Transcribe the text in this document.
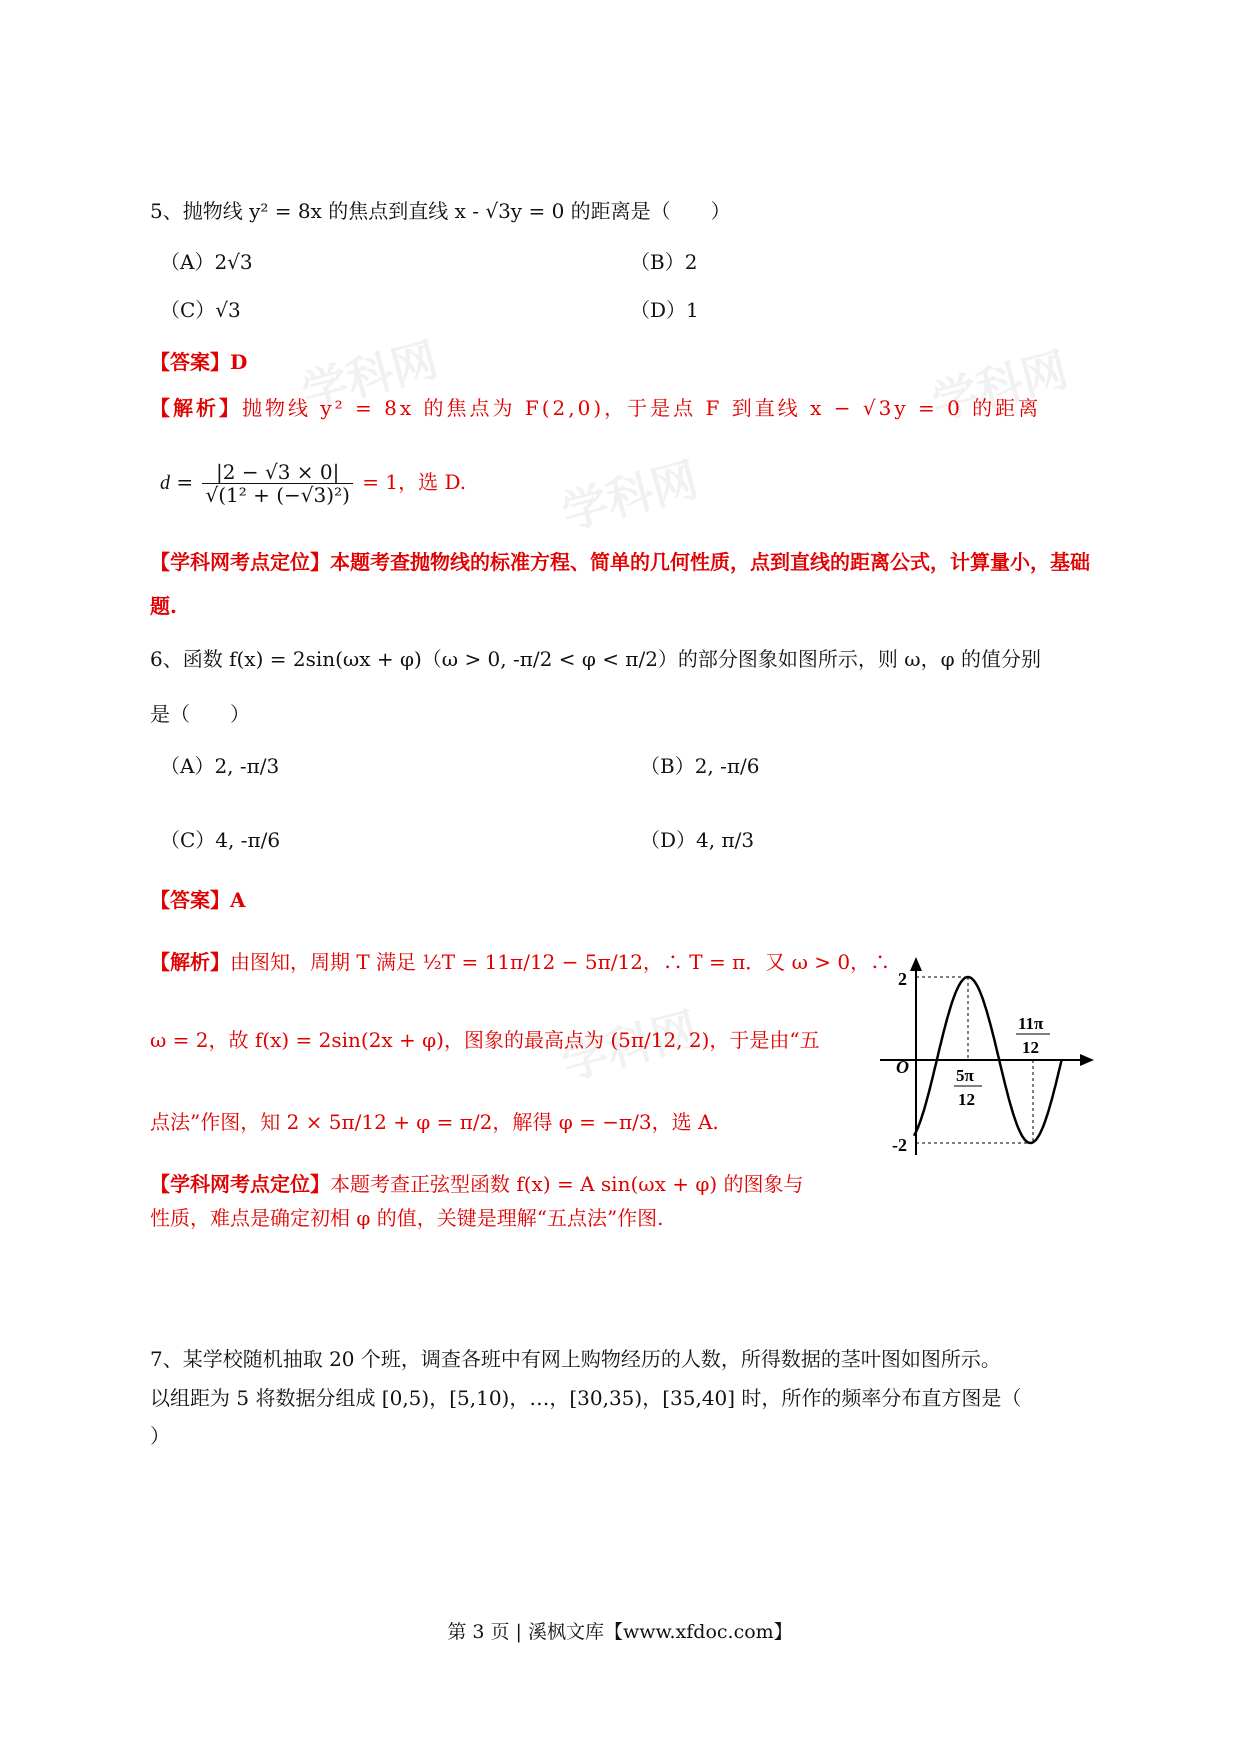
学科网
学科网
学科网
学科网
5、抛物线 y² = 8x 的焦点到直线 x - √3y = 0 的距离是（　　）
（A）2√3	（B）2
（C）√3	（D）1
【答案】D
【解析】抛物线 y² = 8x 的焦点为 F(2,0)，于是点 F 到直线 x − √3y = 0 的距离
$d = \frac{|2 - √3 \times 0|}{\text{√(1² + (−√3)²)}} = 1$，选 D.
【学科网考点定位】本题考查抛物线的标准方程、简单的几何性质，点到直线的距离公式，计算量小，基础题.
6、函数 f(x) = 2sin(ωx + φ)（ω > 0, -π/2 < φ < π/2）的部分图象如图所示，则 ω，φ 的值分别
是（　　）
（A）2, -π/3	（B）2, -π/6
（C）4, -π/6	（D）4, π/3
【答案】A
【解析】由图知，周期 T 满足 ½T = 11π/12 − 5π/12，∴ T = π．又 ω > 0，∴
ω = 2，故 f(x) = 2sin(2x + φ)，图象的最高点为 (5π/12, 2)，于是由“五
点法”作图，知 2 × 5π/12 + φ = π/2，解得 φ = −π/3，选 A.
【学科网考点定位】本题考查正弦型函数 f(x) = A sin(ωx + φ) 的图象与
性质，难点是确定初相 φ 的值，关键是理解“五点法”作图.
2
-2
O	5π
12
11π
12
7、某学校随机抽取 20 个班，调查各班中有网上购物经历的人数，所得数据的茎叶图如图所示。
以组距为 5 将数据分组成 [0,5)，[5,10)，…，[30,35)，[35,40] 时，所作的频率分布直方图是（
）
第 3 页 | 溪枫文库【www.xfdoc.com】
